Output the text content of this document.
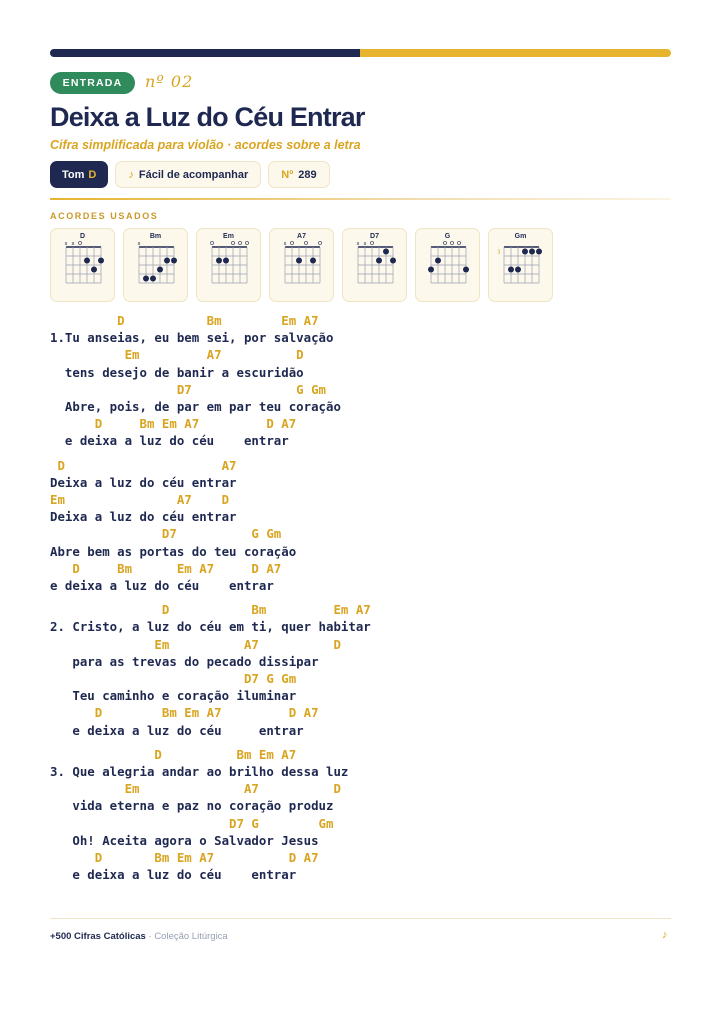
ENTRADA	nº 02
Deixa a Luz do Céu Entrar
Cifra simplificada para violão · acordes sobre a letra
Tom D	♪ Fácil de acompanhar	Nº 289
ACORDES USADOS
D
x x o
Bm
x
Em
o o o o
A7
x o o o
D7
x x o
G
o o o
Gm
3
D           Bm        Em A7
1.Tu anseias, eu bem sei, por salvação
Em         A7          D
tens desejo de banir a escuridão
D7              G Gm
Abre, pois, de par em par teu coração
D     Bm Em A7         D A7
e deixa a luz do céu    entrar
D                     A7
Deixa a luz do céu entrar
Em               A7    D
Deixa a luz do céu entrar
D7          G Gm
Abre bem as portas do teu coração
D     Bm      Em A7     D A7
e deixa a luz do céu    entrar
D           Bm         Em A7
2. Cristo, a luz do céu em ti, quer habitar
Em          A7          D
para as trevas do pecado dissipar
D7 G Gm
Teu caminho e coração iluminar
D        Bm Em A7         D A7
e deixa a luz do céu     entrar
D          Bm Em A7
3. Que alegria andar ao brilho dessa luz
Em              A7          D
vida eterna e paz no coração produz
D7 G        Gm
Oh! Aceita agora o Salvador Jesus
D       Bm Em A7          D A7
e deixa a luz do céu    entrar
+500 Cifras Católicas · Coleção Litúrgica	♪
